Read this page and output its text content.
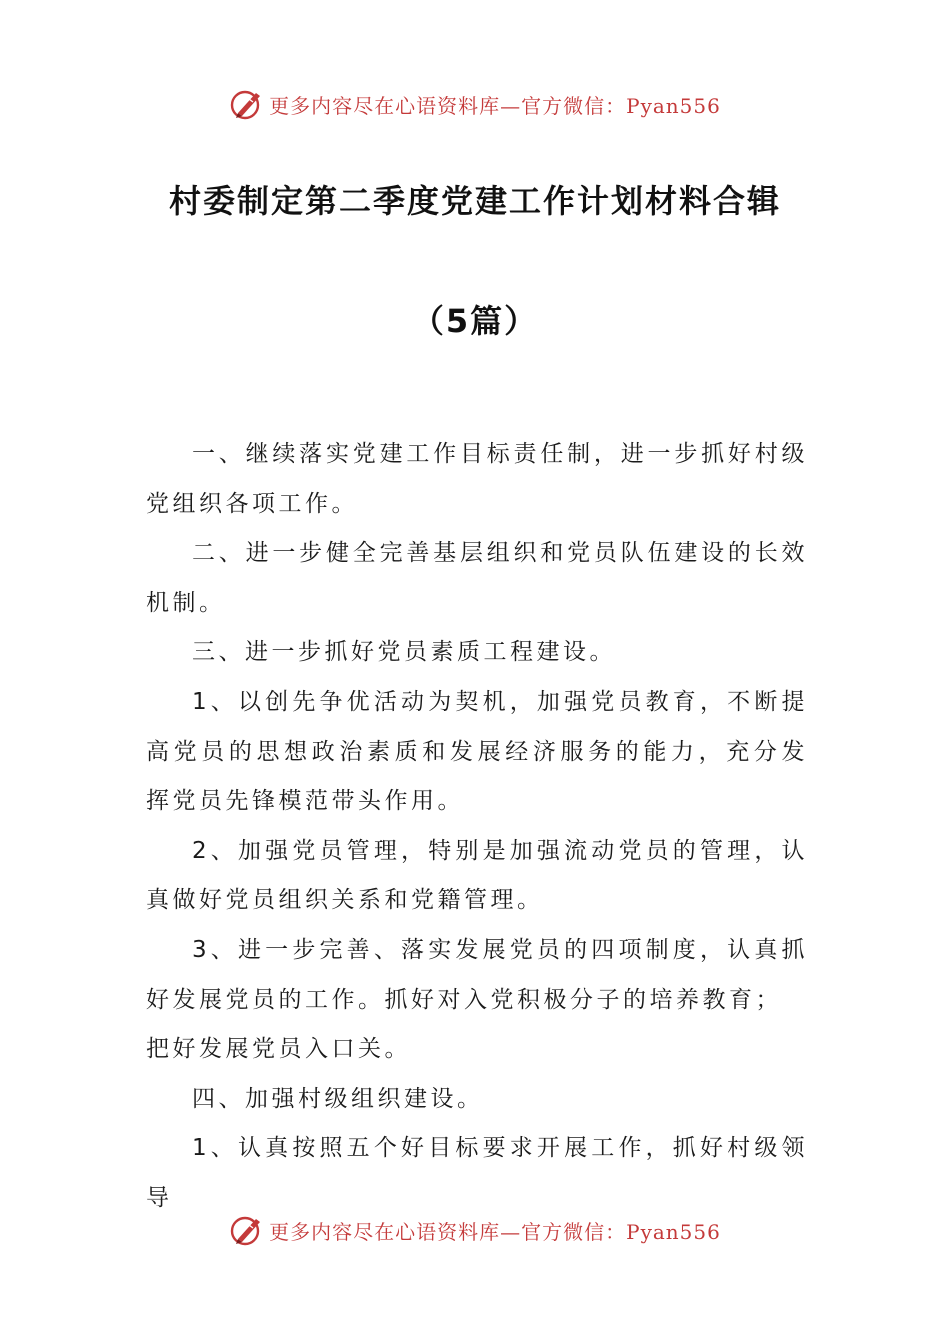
更多内容尽在心语资料库—官方微信：Pyan556
村委制定第二季度党建工作计划材料合辑
（5篇）

一、继续落实党建工作目标责任制，进一步抓好村级党组织各项工作。

二、进一步健全完善基层组织和党员队伍建设的长效机制。

三、进一步抓好党员素质工程建设。

1、以创先争优活动为契机，加强党员教育，不断提高党员的思想政治素质和发展经济服务的能力，充分发挥党员先锋模范带头作用。

2、加强党员管理，特别是加强流动党员的管理，认真做好党员组织关系和党籍管理。

3、进一步完善、落实发展党员的四项制度，认真抓好发展党员的工作。抓好对入党积极分子的培养教育；

把好发展党员入口关。

四、加强村级组织建设。

1、认真按照五个好目标要求开展工作，抓好村级领导

更多内容尽在心语资料库—官方微信：Pyan556
